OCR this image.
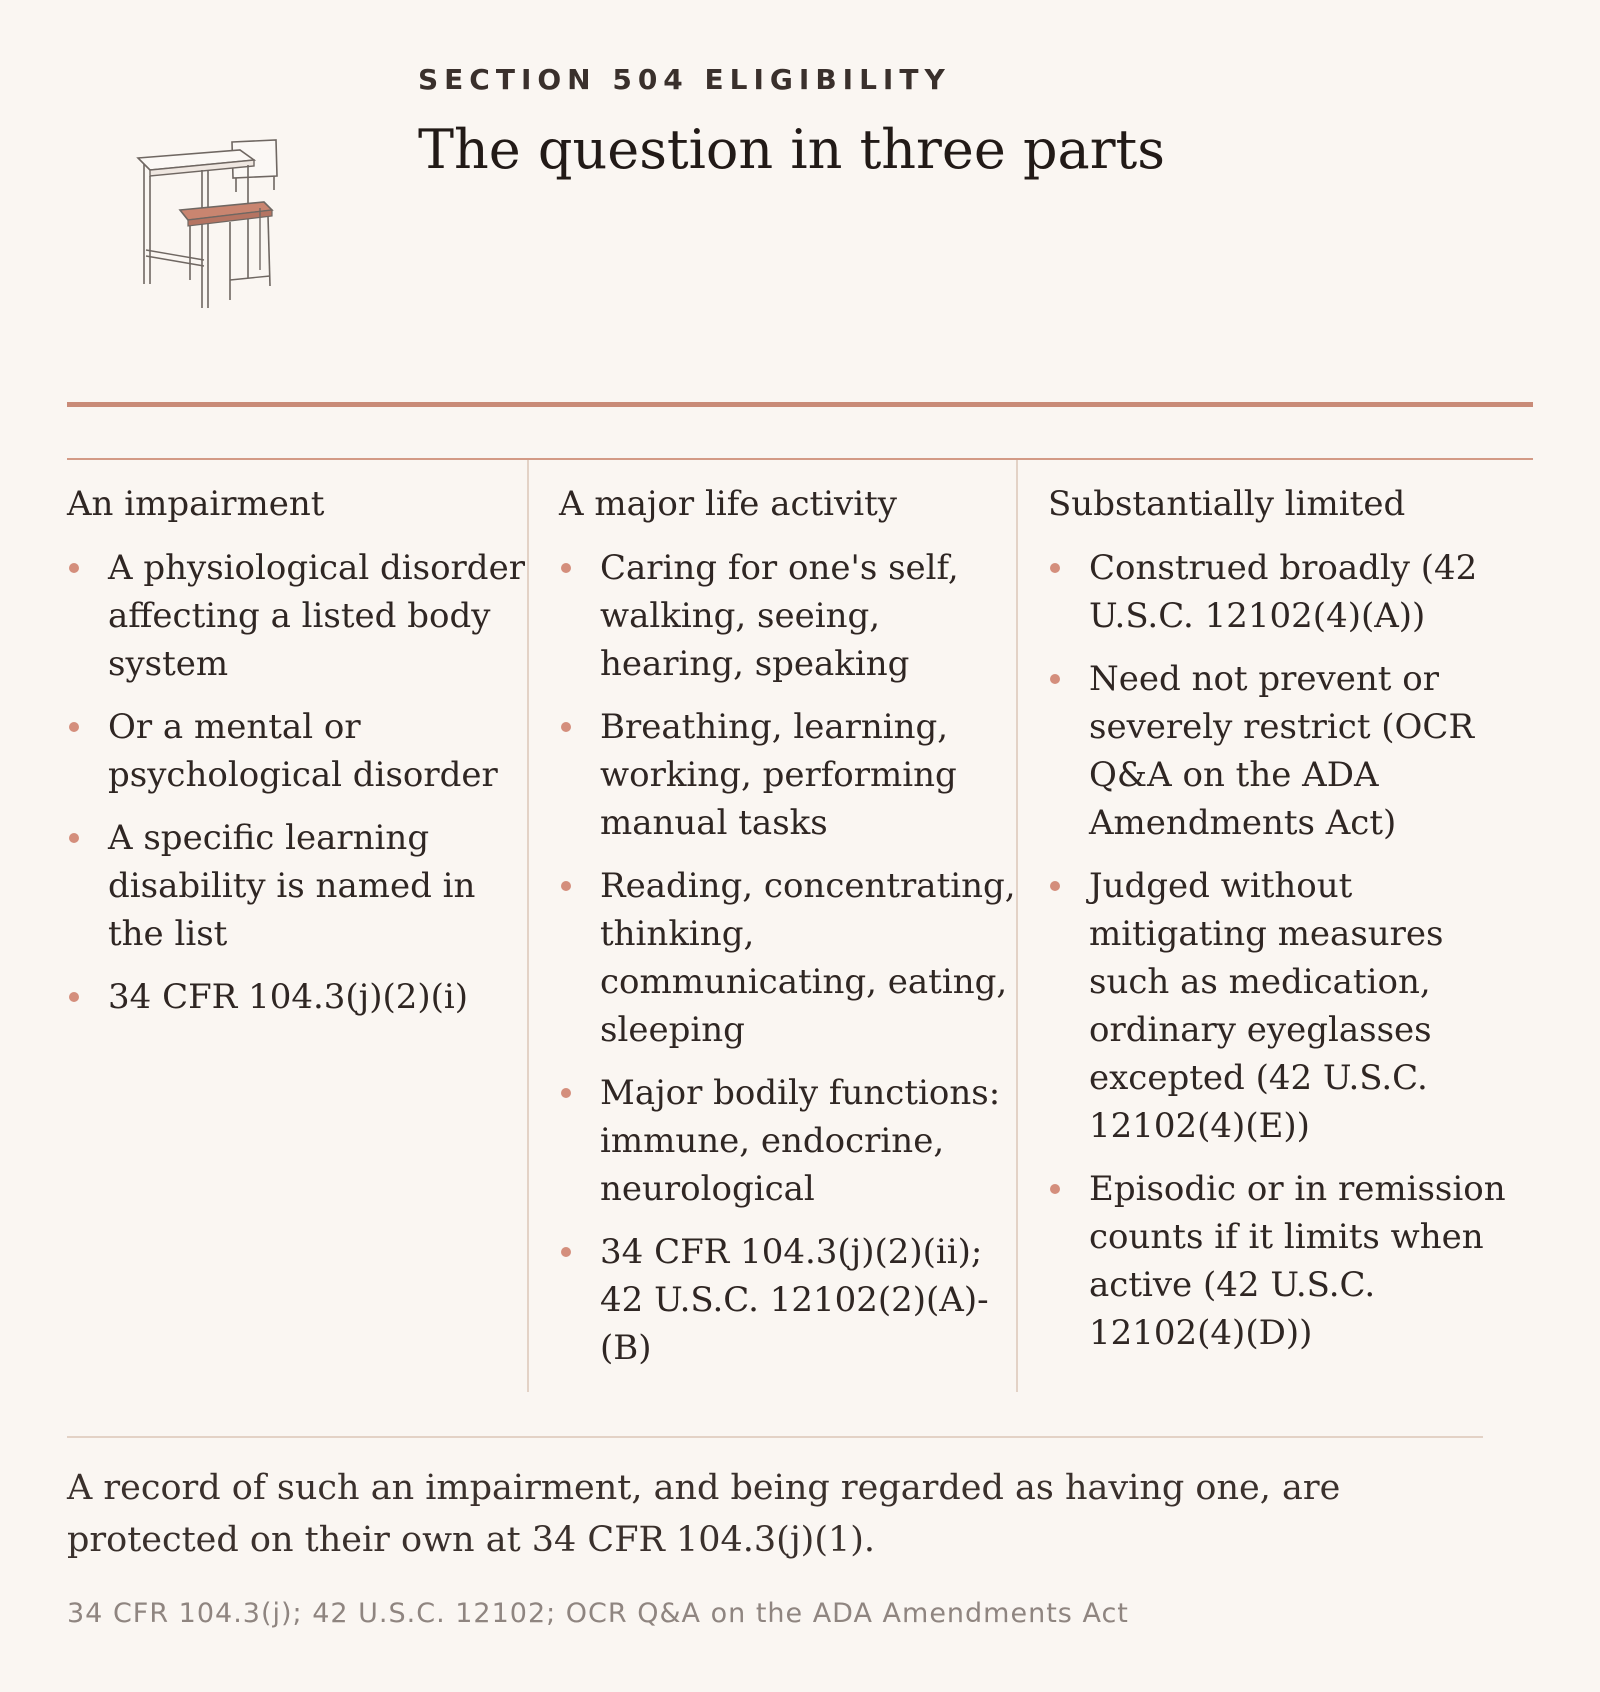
SECTION 504 ELIGIBILITY
The question in three parts
An impairment
A physiological disorder affecting a listed body system
Or a mental or psychological disorder
A specific learning disability is named in the list
34 CFR 104.3(j)(2)(i)
A major life activity
Caring for one's self, walking, seeing, hearing, speaking
Breathing, learning, working, performing manual tasks
Reading, concentrating, thinking, communicating, eating, sleeping
Major bodily functions: immune, endocrine, neurological
34 CFR 104.3(j)(2)(ii); 42 U.S.C. 12102(2)(A)-(B)
Substantially limited
Construed broadly (42 U.S.C. 12102(4)(A))
Need not prevent or severely restrict (OCR Q&A on the ADA Amendments Act)
Judged without mitigating measures such as medication, ordinary eyeglasses excepted (42 U.S.C. 12102(4)(E))
Episodic or in remission counts if it limits when active (42 U.S.C. 12102(4)(D))

A record of such an impairment, and being regarded as having one, are protected on their own at 34 CFR 104.3(j)(1).

34 CFR 104.3(j); 42 U.S.C. 12102; OCR Q&A on the ADA Amendments Act
